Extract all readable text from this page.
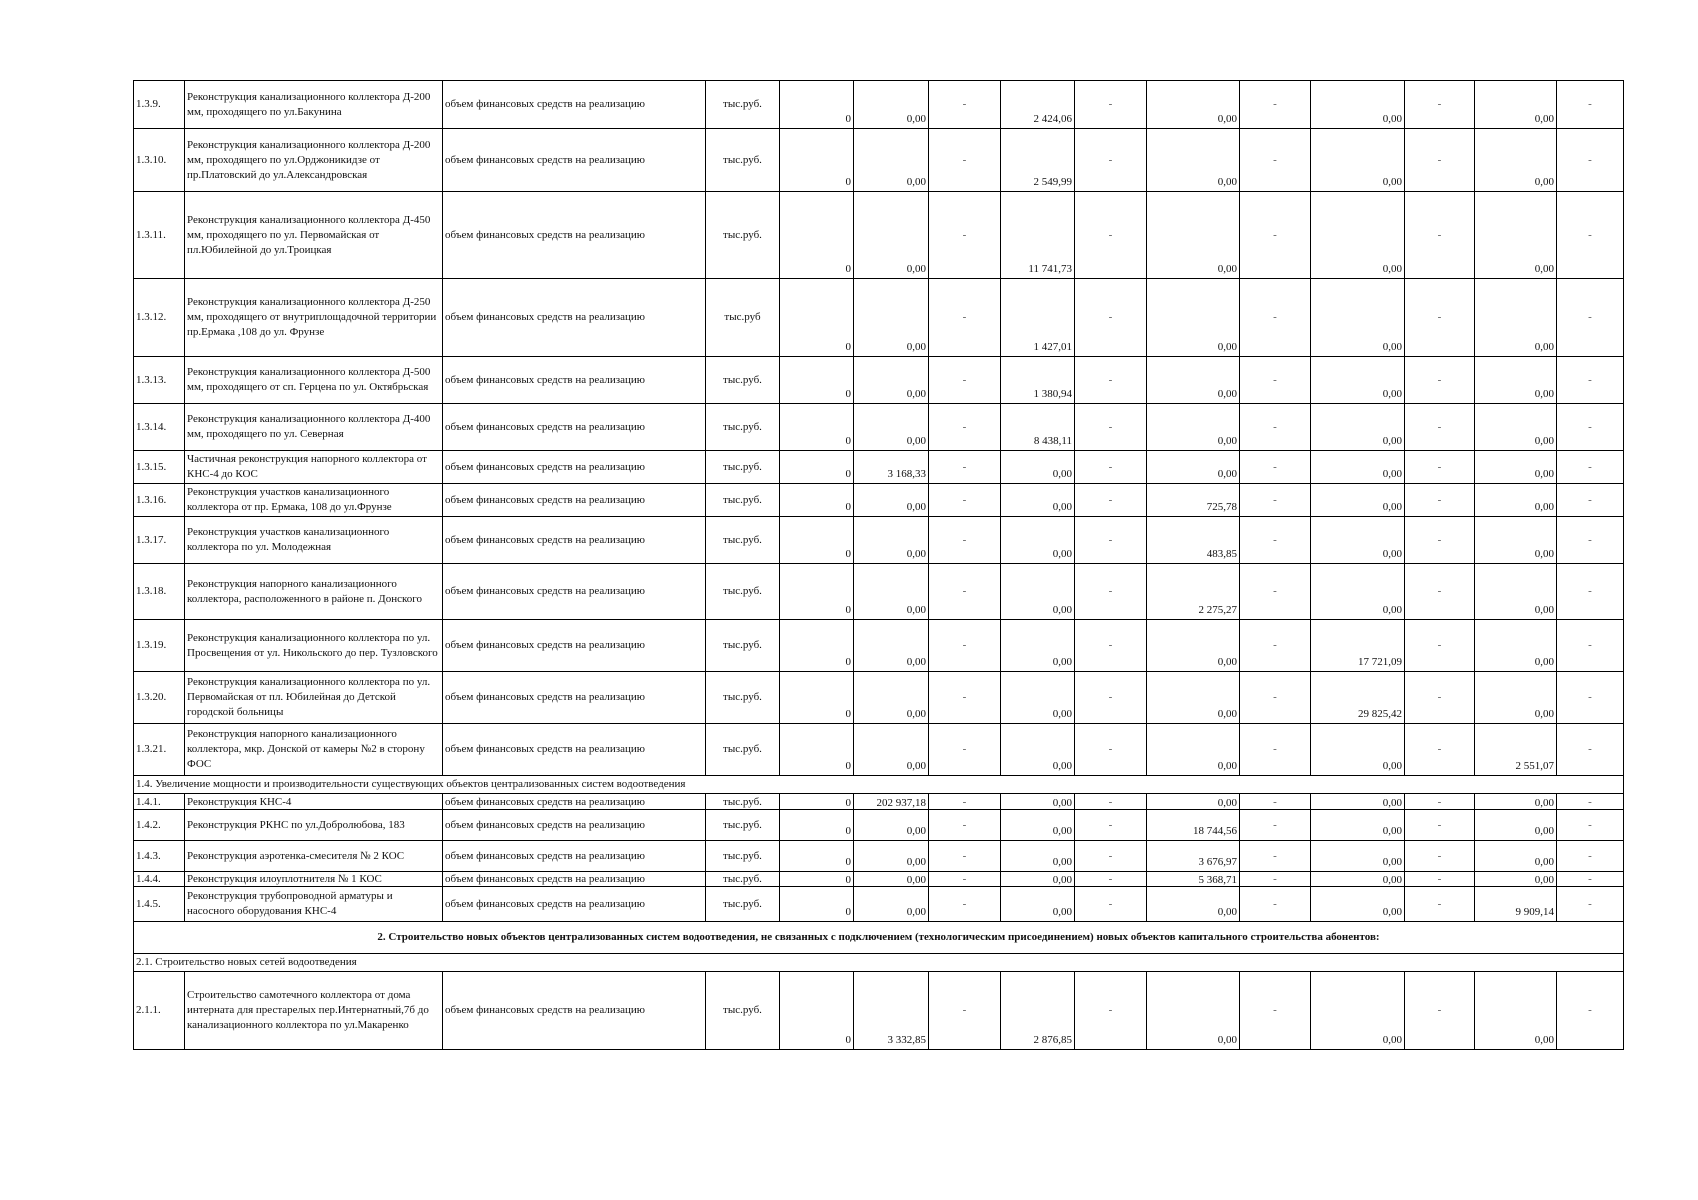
1.3.9.	Реконструкция канализационного коллектора Д-200 мм, проходящего по ул.Бакунина	объем финансовых средств на реализацию	тыс.руб.	0	0,00	-	2 424,06	-	0,00	-	0,00	-	0,00	-
1.3.10.	Реконструкция канализационного коллектора Д-200 мм, проходящего по ул.Орджоникидзе от пр.Платовский до ул.Александровская	объем финансовых средств на реализацию	тыс.руб.	0	0,00	-	2 549,99	-	0,00	-	0,00	-	0,00	-
1.3.11.	Реконструкция канализационного коллектора Д-450 мм, проходящего по ул. Первомайская от пл.Юбилейной до ул.Троицкая	объем финансовых средств на реализацию	тыс.руб.	0	0,00	-	11 741,73	-	0,00	-	0,00	-	0,00	-
1.3.12.	Реконструкция канализационного коллектора Д-250 мм, проходящего от внутриплощадочной территории пр.Ермака ,108 до ул. Фрунзе	объем финансовых средств на реализацию	тыс.руб	0	0,00	-	1 427,01	-	0,00	-	0,00	-	0,00	-
1.3.13.	Реконструкция канализационного коллектора Д-500 мм, проходящего от сп. Герцена по ул. Октябрьская	объем финансовых средств на реализацию	тыс.руб.	0	0,00	-	1 380,94	-	0,00	-	0,00	-	0,00	-
1.3.14.	Реконструкция канализационного коллектора Д-400 мм, проходящего по ул. Северная	объем финансовых средств на реализацию	тыс.руб.	0	0,00	-	8 438,11	-	0,00	-	0,00	-	0,00	-
1.3.15.	Частичная реконструкция напорного коллектора от КНС-4 до КОС	объем финансовых средств на реализацию	тыс.руб.	0	3 168,33	-	0,00	-	0,00	-	0,00	-	0,00	-
1.3.16.	Реконструкция участков канализационного коллектора от пр. Ермака, 108 до ул.Фрунзе	объем финансовых средств на реализацию	тыс.руб.	0	0,00	-	0,00	-	725,78	-	0,00	-	0,00	-
1.3.17.	Реконструкция участков канализационного коллектора по ул. Молодежная	объем финансовых средств на реализацию	тыс.руб.	0	0,00	-	0,00	-	483,85	-	0,00	-	0,00	-
1.3.18.	Реконструкция напорного канализационного коллектора, расположенного в районе п. Донского	объем финансовых средств на реализацию	тыс.руб.	0	0,00	-	0,00	-	2 275,27	-	0,00	-	0,00	-
1.3.19.	Реконструкция канализационного коллектора по ул. Просвещения от ул. Никольского до пер. Тузловского	объем финансовых средств на реализацию	тыс.руб.	0	0,00	-	0,00	-	0,00	-	17 721,09	-	0,00	-
1.3.20.	Реконструкция канализационного коллектора по ул. Первомайская от пл. Юбилейная до Детской городской больницы	объем финансовых средств на реализацию	тыс.руб.	0	0,00	-	0,00	-	0,00	-	29 825,42	-	0,00	-
1.3.21.	Реконструкция напорного канализационного коллектора, мкр. Донской от камеры №2 в сторону ФОС	объем финансовых средств на реализацию	тыс.руб.	0	0,00	-	0,00	-	0,00	-	0,00	-	2 551,07	-
1.4. Увеличение мощности и производительности существующих объектов централизованных систем водоотведения														
1.4.1.	Реконструкция КНС-4	объем финансовых средств на реализацию	тыс.руб.	0	202 937,18	-	0,00	-	0,00	-	0,00	-	0,00	-
1.4.2.	Реконструкция РКНС по ул.Добролюбова, 183	объем финансовых средств на реализацию	тыс.руб.	0	0,00	-	0,00	-	18 744,56	-	0,00	-	0,00	-
1.4.3.	Реконструкция аэротенка-смесителя № 2 КОС	объем финансовых средств на реализацию	тыс.руб.	0	0,00	-	0,00	-	3 676,97	-	0,00	-	0,00	-
1.4.4.	Реконструкция илоуплотнителя № 1 КОС	объем финансовых средств на реализацию	тыс.руб.	0	0,00	-	0,00	-	5 368,71	-	0,00	-	0,00	-
1.4.5.	Реконструкция трубопроводной арматуры и насосного оборудования КНС-4	объем финансовых средств на реализацию	тыс.руб.	0	0,00	-	0,00	-	0,00	-	0,00	-	9 909,14	-
2. Строительство новых объектов централизованных систем водоотведения, не связанных с подключением (технологическим присоединением) новых объектов капитального строительства абонентов:														
2.1. Строительство новых сетей водоотведения														
2.1.1.	Строительство самотечного коллектора от дома интерната для престарелых пер.Интернатный,7б до канализационного коллектора по ул.Макаренко	объем финансовых средств на реализацию	тыс.руб.	0	3 332,85	-	2 876,85	-	0,00	-	0,00	-	0,00	-
